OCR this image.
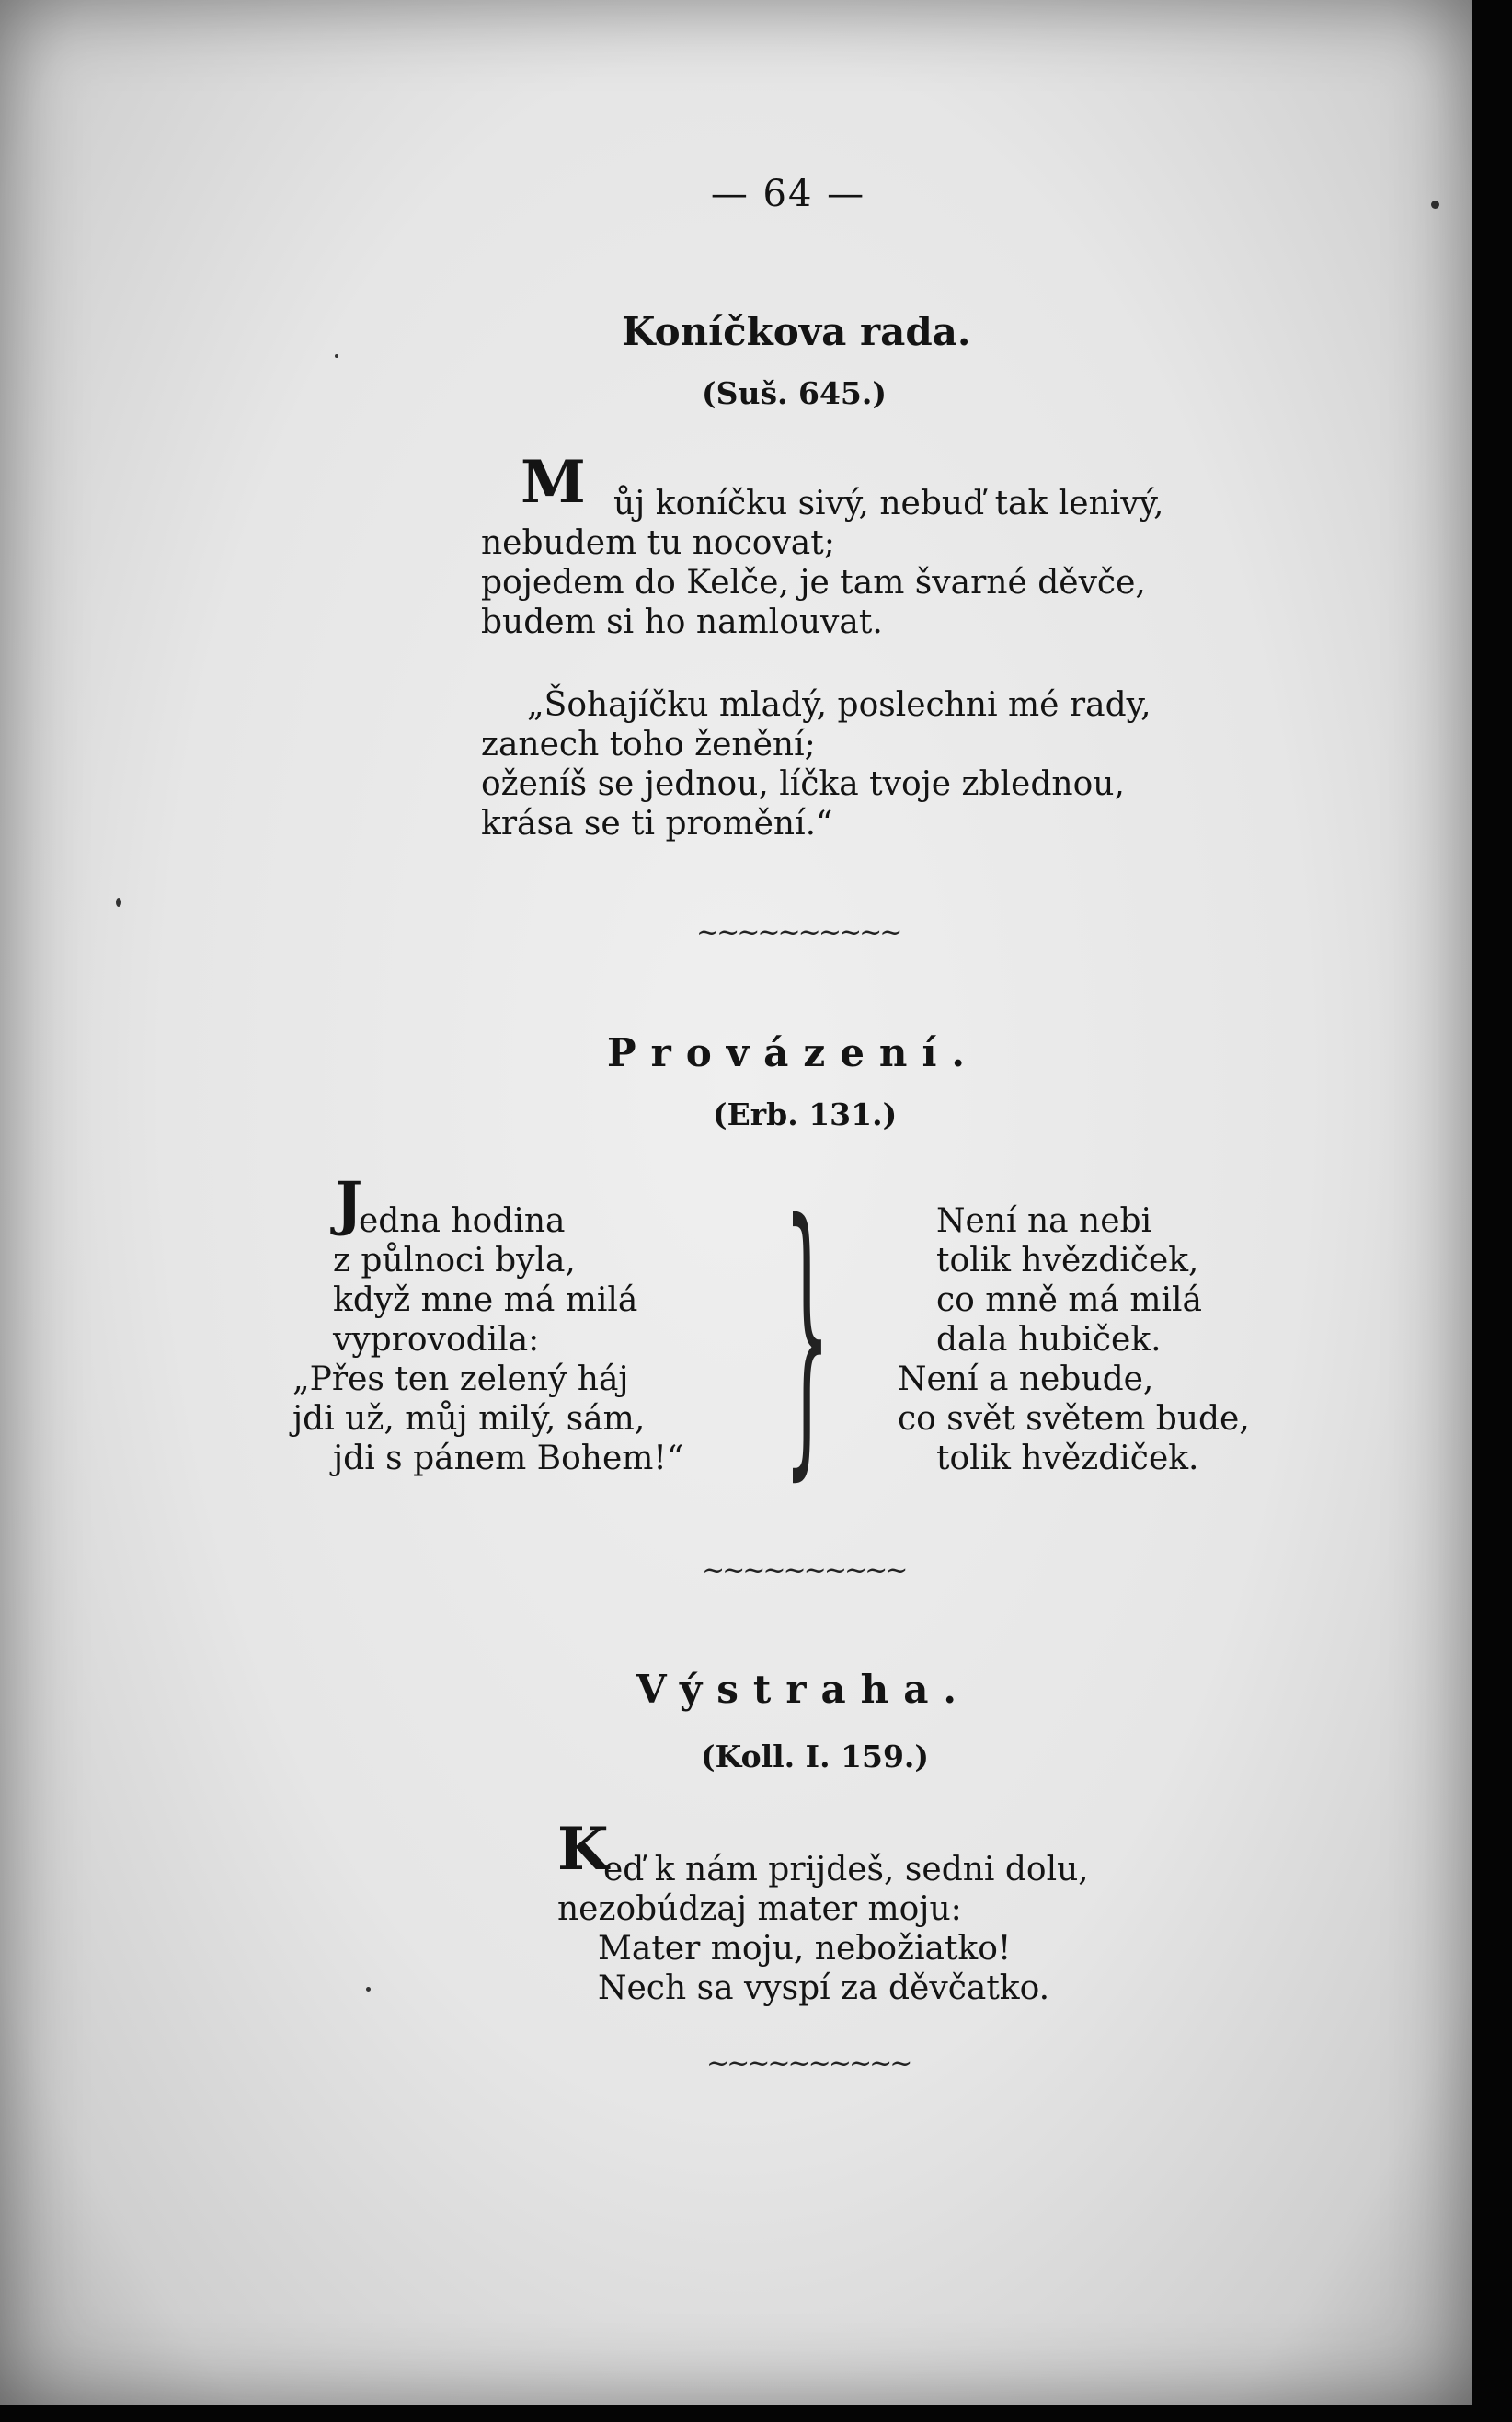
— 64 —
Koníčkova rada.
(Suš. 645.)
M ůj koníčku sivý, nebuď tak lenivý,
nebudem tu nocovat;
pojedem do Kelče, je tam švarné děvče,
budem si ho namlouvat.
„Šohajíčku mladý, poslechni mé rady,
zanech toho ženění;
oženíš se jednou, líčka tvoje zblednou,
krása se ti promění.“
~~~~~~~~~~
Provázení.
(Erb. 131.)
J
edna hodina
z půlnoci byla,
když mne má milá
vyprovodila:
„Přes ten zelený háj
jdi už, můj milý, sám,
jdi s pánem Bohem!“ }	Není na nebi
tolik hvězdiček,
co mně má milá
dala hubiček.
Není a nebude,
co svět světem bude,
tolik hvězdiček.
~~~~~~~~~~
Výstraha.
(Koll. I. 159.)
K
eď k nám prijdeš, sedni dolu,
nezobúdzaj mater moju:
Mater moju, nebožiatko!
Nech sa vyspí za děvčatko.
~~~~~~~~~~
